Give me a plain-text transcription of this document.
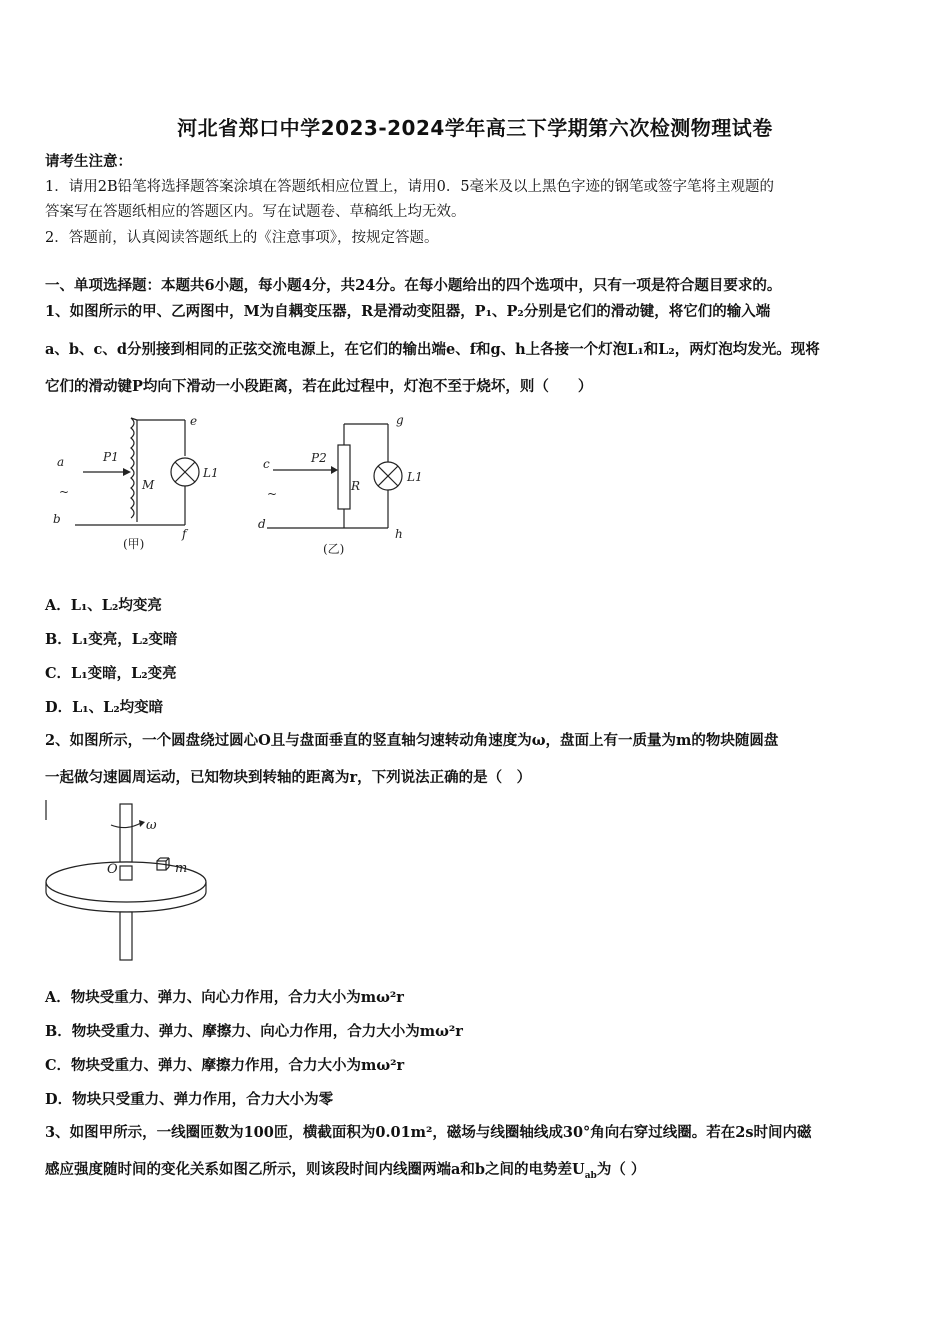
河北省郑口中学2023-2024学年高三下学期第六次检测物理试卷
请考生注意：
1．请用2B铅笔将选择题答案涂填在答题纸相应位置上，请用0．5毫米及以上黑色字迹的钢笔或签字笔将主观题的
答案写在答题纸相应的答题区内。写在试题卷、草稿纸上均无效。
2．答题前，认真阅读答题纸上的《注意事项》，按规定答题。
一、单项选择题：本题共6小题，每小题4分，共24分。在每小题给出的四个选项中，只有一项是符合题目要求的。
1、如图所示的甲、乙两图中，M为自耦变压器，R是滑动变阻器，P₁、P₂分别是它们的滑动键，将它们的输入端
a、b、c、d分别接到相同的正弦交流电源上，在它们的输出端e、f和g、h上各接一个灯泡L₁和L₂，两灯泡均发光。现将
它们的滑动键P均向下滑动一小段距离，若在此过程中，灯泡不至于烧坏，则（　　）
a
~
b
P1
M
e
f
L1
(甲)
c
~
d
P2
R
g
h
L1
(乙)
A．L₁、L₂均变亮
B．L₁变亮，L₂变暗
C．L₁变暗，L₂变亮
D．L₁、L₂均变暗
2、如图所示，一个圆盘绕过圆心O且与盘面垂直的竖直轴匀速转动角速度为ω，盘面上有一质量为m的物块随圆盘
一起做匀速圆周运动，已知物块到转轴的距离为r，下列说法正确的是（　）
ω
O	m
A．物块受重力、弹力、向心力作用，合力大小为mω²r
B．物块受重力、弹力、摩擦力、向心力作用，合力大小为mω²r
C．物块受重力、弹力、摩擦力作用，合力大小为mω²r
D．物块只受重力、弹力作用，合力大小为零
3、如图甲所示，一线圈匝数为100匝，横截面积为0.01m²，磁场与线圈轴线成30°角向右穿过线圈。若在2s时间内磁
感应强度随时间的变化关系如图乙所示，则该段时间内线圈两端a和b之间的电势差$U_{ab}$为（ ）
